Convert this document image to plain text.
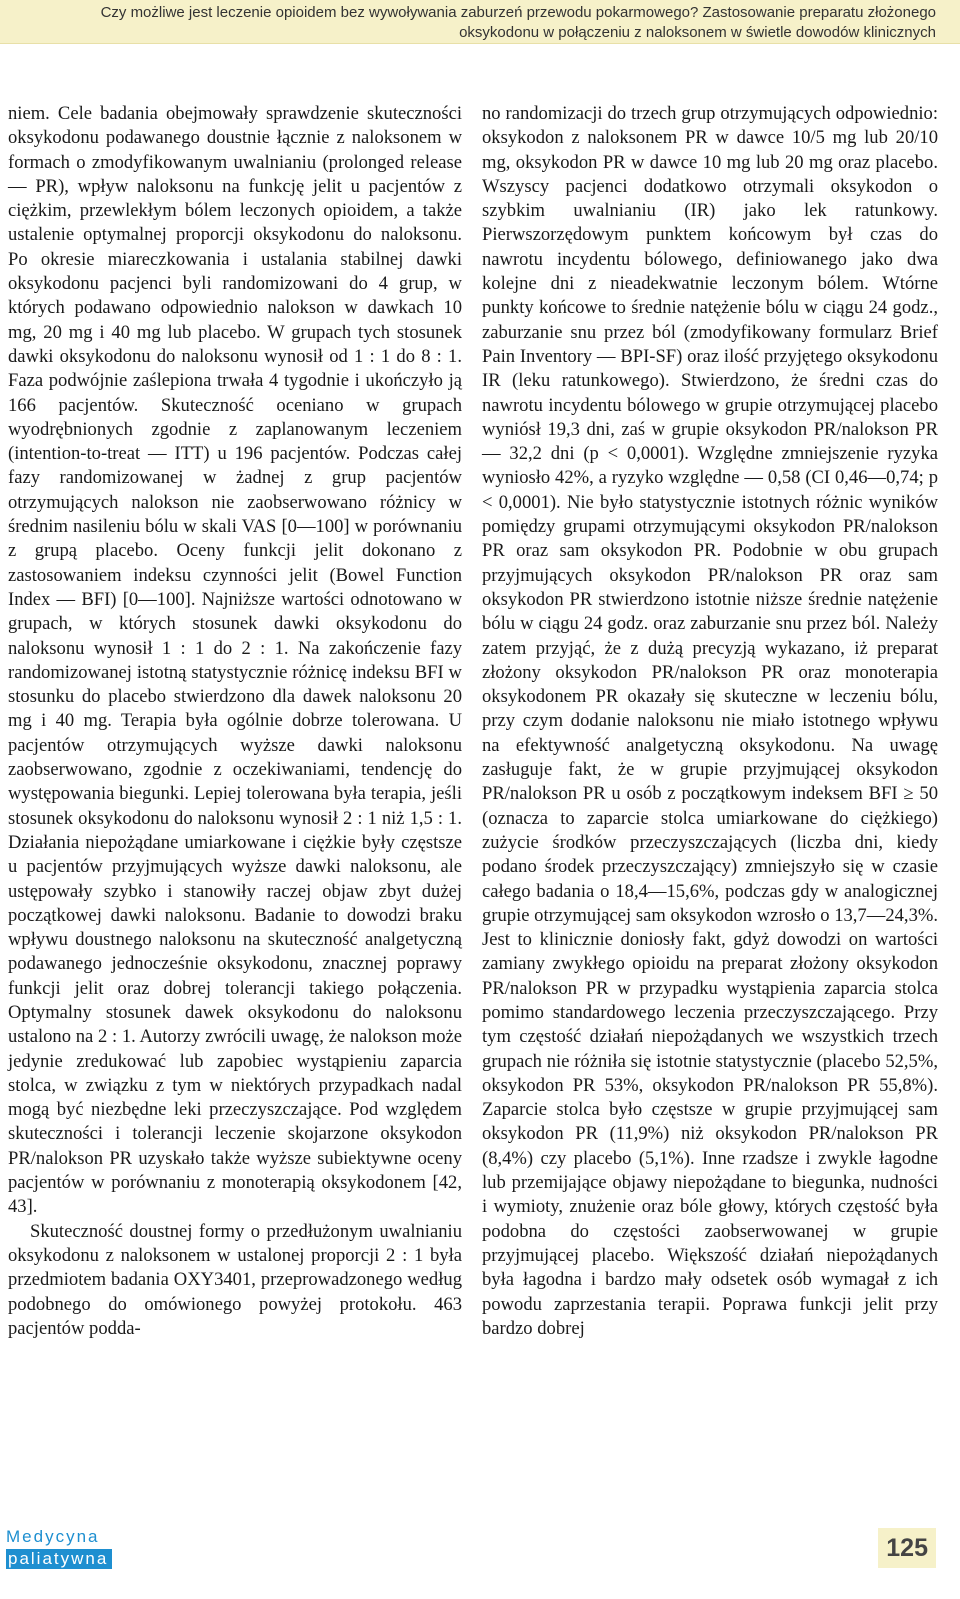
Czy możliwe jest leczenie opioidem bez wywoływania zaburzeń przewodu pokarmowego? Zastosowanie preparatu złożonego
oksykodonu w połączeniu z naloksonem w świetle dowodów klinicznych

niem. Cele badania obejmowały sprawdzenie skuteczności oksykodonu podawanego doustnie łącznie z naloksonem w formach o zmodyfikowanym uwalnianiu (prolonged release — PR), wpływ naloksonu na funkcję jelit u pacjentów z ciężkim, przewlekłym bólem leczonych opioidem, a także ustalenie optymalnej proporcji oksykodonu do naloksonu. Po okresie miareczkowania i ustalania stabilnej dawki oksykodonu pacjenci byli randomizowani do 4 grup, w których podawano odpowiednio nalokson w dawkach 10 mg, 20 mg i 40 mg lub placebo. W grupach tych stosunek dawki oksykodonu do naloksonu wynosił od 1 : 1 do 8 : 1. Faza podwójnie zaślepiona trwała 4 tygodnie i ukończyło ją 166 pacjentów. Skuteczność oceniano w grupach wyodrębnionych zgodnie z zaplanowanym leczeniem (intention-to-treat — ITT) u 196 pacjentów. Podczas całej fazy randomizowanej w żadnej z grup pacjentów otrzymujących nalokson nie zaobserwowano różnicy w średnim nasileniu bólu w skali VAS [0—100] w porównaniu z grupą placebo. Oceny funkcji jelit dokonano z zastosowaniem indeksu czynności jelit (Bowel Function Index — BFI) [0—100]. Najniższe wartości odnotowano w grupach, w których stosunek dawki oksykodonu do naloksonu wynosił 1 : 1 do 2 : 1. Na zakończenie fazy randomizowanej istotną statystycznie różnicę indeksu BFI w stosunku do placebo stwierdzono dla dawek naloksonu 20 mg i 40 mg. Terapia była ogólnie dobrze tolerowana. U pacjentów otrzymujących wyższe dawki naloksonu zaobserwowano, zgodnie z oczekiwaniami, tendencję do występowania biegunki. Lepiej tolerowana była terapia, jeśli stosunek oksykodonu do naloksonu wynosił 2 : 1 niż 1,5 : 1. Działania niepożądane umiarkowane i ciężkie były częstsze u pacjentów przyjmujących wyższe dawki naloksonu, ale ustępowały szybko i stanowiły raczej objaw zbyt dużej początkowej dawki naloksonu. Badanie to dowodzi braku wpływu doustnego naloksonu na skuteczność analgetyczną podawanego jednocześnie oksykodonu, znacznej poprawy funkcji jelit oraz dobrej tolerancji takiego połączenia. Optymalny stosunek dawek oksykodonu do naloksonu ustalono na 2 : 1. Autorzy zwrócili uwagę, że nalokson może jedynie zredukować lub zapobiec wystąpieniu zaparcia stolca, w związku z tym w niektórych przypadkach nadal mogą być niezbędne leki przeczyszczające. Pod względem skuteczności i tolerancji leczenie skojarzone oksykodon PR/nalokson PR uzyskało także wyższe subiektywne oceny pacjentów w porównaniu z monoterapią oksykodonem [42, 43].

Skuteczność doustnej formy o przedłużonym uwalnianiu oksykodonu z naloksonem w ustalonej proporcji 2 : 1 była przedmiotem badania OXY3401, przeprowadzonego według podobnego do omówionego powyżej protokołu. 463 pacjentów podda-

no randomizacji do trzech grup otrzymujących odpowiednio: oksykodon z naloksonem PR w dawce 10/5 mg lub 20/10 mg, oksykodon PR w dawce 10 mg lub 20 mg oraz placebo. Wszyscy pacjenci dodatkowo otrzymali oksykodon o szybkim uwalnianiu (IR) jako lek ratunkowy. Pierwszorzędowym punktem końcowym był czas do nawrotu incydentu bólowego, definiowanego jako dwa kolejne dni z nieadekwatnie leczonym bólem. Wtórne punkty końcowe to średnie natężenie bólu w ciągu 24 godz., zaburzanie snu przez ból (zmodyfikowany formularz Brief Pain Inventory — BPI-SF) oraz ilość przyjętego oksykodonu IR (leku ratunkowego). Stwierdzono, że średni czas do nawrotu incydentu bólowego w grupie otrzymującej placebo wyniósł 19,3 dni, zaś w grupie oksykodon PR/nalokson PR — 32,2 dni (p < 0,0001). Względne zmniejszenie ryzyka wyniosło 42%, a ryzyko względne — 0,58 (CI 0,46—0,74; p < 0,0001). Nie było statystycznie istotnych różnic wyników pomiędzy grupami otrzymującymi oksykodon PR/nalokson PR oraz sam oksykodon PR. Podobnie w obu grupach przyjmujących oksykodon PR/nalokson PR oraz sam oksykodon PR stwierdzono istotnie niższe średnie natężenie bólu w ciągu 24 godz. oraz zaburzanie snu przez ból. Należy zatem przyjąć, że z dużą precyzją wykazano, iż preparat złożony oksykodon PR/nalokson PR oraz monoterapia oksykodonem PR okazały się skuteczne w leczeniu bólu, przy czym dodanie naloksonu nie miało istotnego wpływu na efektywność analgetyczną oksykodonu. Na uwagę zasługuje fakt, że w grupie przyjmującej oksykodon PR/nalokson PR u osób z początkowym indeksem BFI ≥ 50 (oznacza to zaparcie stolca umiarkowane do ciężkiego) zużycie środków przeczyszczających (liczba dni, kiedy podano środek przeczyszczający) zmniejszyło się w czasie całego badania o 18,4—15,6%, podczas gdy w analogicznej grupie otrzymującej sam oksykodon wzrosło o 13,7—24,3%. Jest to klinicznie doniosły fakt, gdyż dowodzi on wartości zamiany zwykłego opioidu na preparat złożony oksykodon PR/nalokson PR w przypadku wystąpienia zaparcia stolca pomimo standardowego leczenia przeczyszczającego. Przy tym częstość działań niepożądanych we wszystkich trzech grupach nie różniła się istotnie statystycznie (placebo 52,5%, oksykodon PR 53%, oksykodon PR/nalokson PR 55,8%). Zaparcie stolca było częstsze w grupie przyjmującej sam oksykodon PR (11,9%) niż oksykodon PR/nalokson PR (8,4%) czy placebo (5,1%). Inne rzadsze i zwykle łagodne lub przemijające objawy niepożądane to biegunka, nudności i wymioty, znużenie oraz bóle głowy, których częstość była podobna do częstości zaobserwowanej w grupie przyjmującej placebo. Większość działań niepożądanych była łagodna i bardzo mały odsetek osób wymagał z ich powodu zaprzestania terapii. Poprawa funkcji jelit przy bardzo dobrej

Medycyna
paliatywna	125
